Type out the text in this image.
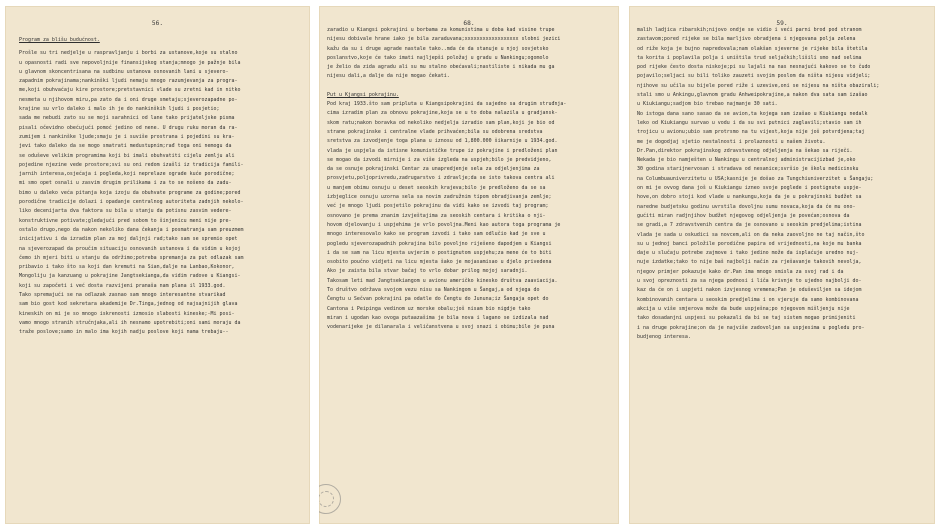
56.
Program za blišu budućnost.
Prošle su tri nedjelje u raspravljanju i borbi za ustanove,koje su stalno
u opasnosti radi sve nepovoljnije finansijskog stanja;mnogo je pažnje bila
u glavnom skoncentrisana na sudbinu ustanova osnovanih lani u sjevero-
zapadnim pokrajinama;nankinški ljudi nemaju mnogo razumjevanja za progra-
me,koji obuhvaćaju kire prostore;pretstavnici vlade su zretni kad in nitko
nesmeta u njihovom miru,pa zato da i oni druge smetaju;sjeverozapadne po-
krajine su vrlo daleko i malo ih je do nankinških ljudi i posjetio;
sada me nebudi zato su se moji sarahnici od lane tako prijateljske pisma
pisali očevidno obećujući pomoć jedino od nene. U drugu ruku moran da ra-
zumijem i nankinške ljude;smaju je i suviše prostrana i pojedini su kra-
jevi tako daleko da se mogo smatrati medustupnim;rađ toga oni nemogu da
se oduševe velikim programima koji bi imali obuhvatiti cijelu zemlju ali
pojedine njezine vede prostore;svi su oni redom izašli iz tradicija famili-
jarnih interesa,osjećaja i pogleda,koji neprelaze ograde kuće porodične;
mi smo opet osnali u zasvim drugim prilikama i za to se nošeno da zadu-
bimo u daleko veća pitanja koja izoju da obuhvate programe za godine;pored
porodične tradicije dolazi i opadanje centralnog autoriteta zadnjih nekolo-
liko decenijarta dva faktora su bila u stanju da potisnu zasvim vedere-
konstruktivne potivate;gledajući pred sobom to šinjenicu meni nije pre-
ostalo drugo,nego da nakon nekoliko dana čekanja i posmatranja sam preuzmem
inicijativu i da izradim plan za moj daljnji rad;tako sam se spremio opet
na sjeverozapad da proučim situaciju osnovanih ustanova i da vidim u kojoj
čemo ih mjeri biti u stanju da održimo;potreba spremanja za put odlazak sam
pribavio i tako što sa koji dan kremuti na Sian,dalje na Lanbao,Kokonor,
Mongoliju ja kanzuang u pokrajine Jangtsekianga,da vidim radove u Kiangsi-
koji su započeti i već dosta razvijeni pranaša nam plana il 1933.god.
Tako spremajući se na odlazak zasnao sam mnogo interesantne stvarikad
sam bio gost kod sekretara akademije Dr.Tinga,jednog od najsajnijih glava
kineskih on mi je so mnogo iskrenosti izmosio slabosti kineske;-Mi posi-
vamo mnogo stranih stručnjaka,ali ih nesnamo upotrebiti;oni sami moraju da
traže poslove;samo in malo ima kojih nadju poslove koji nama trebaju--
68.
zaradio u Kiangsi pokrajini u borbama za komunistima u doba kad visine trupe
nijesu dobivale hrane iako je bila zaraduvana;xxxxxxxxxxxxxxxxxx slobni jezici
kažu da su i druge agrade nastale tako..mda će da stanuje u njoj sovjetsko
poslanstvo,koje će tako imati najljepši položaj u gradu u Nankingu;ogomolo
je želio da zida agradu ali su mu stalno obećavali;nastiliste i nikada mu ga
nijesu dali,a dalje da nije mogao čekati.
Put u Kjangsi pokrajinu.
Pod kraj 1933.što sam pripluta u Kiangsipokrajini da sajedno sa drugim struđnja-
cima izradim plan za obnovu pokrajine,koja se u to doba nalazila u gradjansk-
skom ratu;nakon boravka od nekoliko nedjelja izradio sam plan,koji je bio od
strane pokrajinske i centralne vlade prihvaćen;bila su odobrena sredstva
sretstva za izvodjenje toga plana u iznosu od 1,800.000 šikarnije u 1934.god.
vlada je uspjela da istisne komunističke trupe iz pokrajine i predloženi plan
se mogao da izvodi mirnije i za više izgleda na uspjeh;bilo je predvidjeno,
da se osnuje pokrajinski Centar za unapredjenje sela za odjeljenjima za
prosvjetu,poljoprivredu,zadrugarstvo i zdravlje;da se isto takova centra ali
u manjem obimu osnuju u deset seoskih krajeva;bilo je predloženo da se sa
izbjeglice osnuju uzorna sela sa novim zadružnim tipom obradjivanja zemlje;
već je mnogo ljudi posjetilo pokrajinu da vidi kako se izvodi taj program;
osnovano je prema znanim izvještajima za seoskih centara i kritika o nji-
hovom djelovanju i uspjehima je vrlo povoljna.Meni kao autora toga programa je
mnogo interesovalo kako se program izvodi i tako sam odlučio kad je sve u
pogledu sjeverozapadnih pokrajina bilo povoljno riješeno dapodjem u Kiangsi
i da se sam na licu mjesta uvjerim o postignutom uspjehu;za mene će to biti
osobito poučno vidjeti na licu mjesta šako je mojasamisao u djelo privedena
Ako je zaista bila stvar bačaj to vrlo dobar prilog mojoj saradnji.
Takosam leti mad Jangtsekiangom u avionu američko kinesko društva zaaviacija.
To društvo održava svojom vezu nisu sa Nankingom u Šangaj,a od njega do
Čengtu u Sečvan pokrajini pa odatle do Čengtu do Jununa;iz Šangaja opet do
Cantona i Peipinga vedinom uz morske obalu;još nisam bio nigdje tako
miran i ugodan kao ovoga putaazašima je bila nova i lagano se izdizala nad
vodenarijeke je dilanarala i veličanstvena u svoj snazi i obimu;bile je puna
59.
malih ladjica ribarskih;nijovo ondje se vidio i veći parni brod pod stranom
zastavom;pored rijeke se bila marljivo obradjena i njegovana polja zelena
od riže koja je bujno napredovala;nam olakšan sjeverne je rijeke bila štetila
ta korita i poplavila polja i uništila trud seljačkih;lišili smo nad selima
pod rijeke često dosta niskoje;pi su lajali na nas nesnajući kakovo se to čudo
pojavilo;seljaci su bili toliko zauzeti svojim poslom da ništa nijesu vidjeli;
njihove su učila su bijele pored riže i uzevive,oni se nijesu na ništa obazirali;
stali smo u Ankingu,glavnom gradu Anhweipokrajine,a nakon dva sata sam izašao
u Kiukiangu;sadjom bio trebao najmanje 30 sati.
No istoga dana sano sasao da se avion,ta kojega sam izašao u Kiukiangu nedalk
leko od Kiukiangu survao u vodu i da su svi putnici zaglavili;stavio sam ih
trojicu u avionu;ubio sam protrsmo na tu vijest,koja nije još potvrdjena;taj
me je dogodjaj sjetio nestalnosti i prolaznosti u našem životu.
Dr.Pan,direktor pokrajinskog zdravstvenog odjeljenja na šekao sa riječi.
Nekada je bio namješten u Nankingu u centralnoj administracijizbad je,oko
30 godina starijnervosan i stradava od nesanice;svršio je školu medicinsku
na Columbuauniverzitetu u USA;kasnije je došao za Tungchiuniverzitet u Šangaju;
on mi je ovvog dana još u Kiukiangu izneo svoje poglede i postignute uspje-
hove,on dobro stoji kod vlade u nankungu,koja da je u pokrajinski budžet sa
naredne budjetsku godinu uvrstila dovoljnu sumu novaca,koja da će mu ono-
gućiti miran radjnjihov budžet njegovog odjeljenja je povećan;osnova da
se gradi,a 7 zdravstvenih centra da je osnovano u seoskim predjelima;istina
vlada je sada u oskudici sa novcem,ali on da neka zaovoljno ne taj način,što
su u jednoj banci položile porodične papira od vrijednosti,na koje mu banka
daje u slučaju potrebe zajmove i tako jedino može da isplaćuje uredno nuj-
nuje izdatke;tako to nije baš najbolji način za rješavanje takovih nevolja,
njegov primjer pokazuje kako dr.Pan ima mnogo smisla za svoj rad i da
u svoj opreznosti za sa njega podnosi i liča krivnje to ujedno najbolji do-
kaz da će on i uspjeti nakon izvjesnog vremena;Pan je oduševiljen sa idejom
kombinovanih centara u seoskim predjelima i on vjeruje da samo kombinovana
akcija u više smjerova može da bude uspješna;po njegovom mišljenju nije
tako dosadanjni uspjesi su pokazali da bi se taj sistem mogao primijeniti
i na druge pokrajine;on da je najviše zadovoljan sa uspjesima u pogledu pro-
budjenog interesa.
